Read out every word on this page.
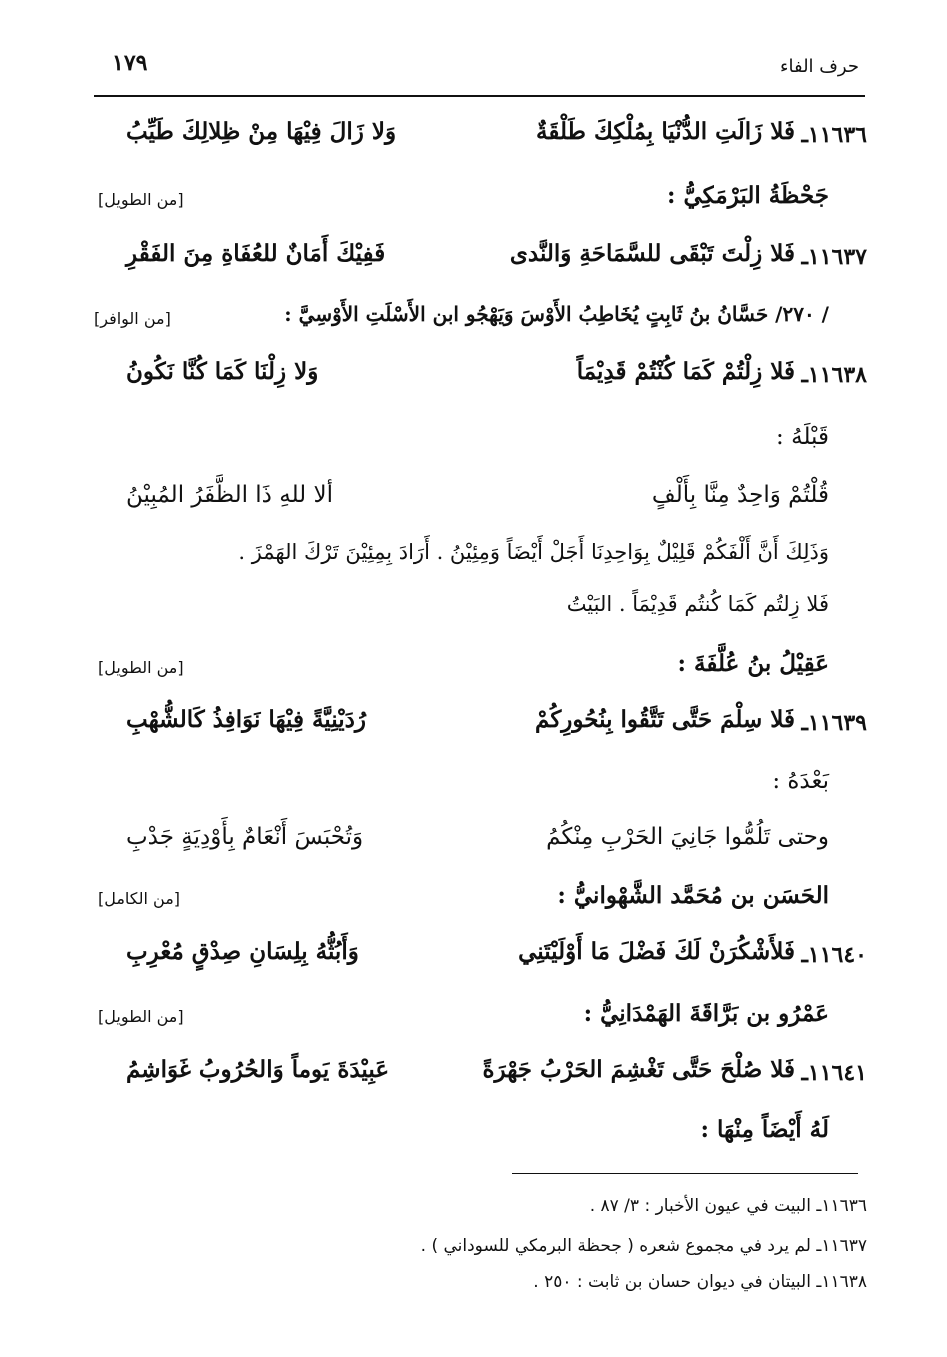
حرف الفاء
١٧٩
١١٦٣٦ـ
فَلا زَالَتِ الدُّنْيَا بِمُلْكِكَ طَلْقَةٌ
وَلا زَالَ فِيْهَا مِنْ ظِلالِكَ طَيِّبُ
جَحْظَةُ البَرْمَكِيُّ :
[من الطويل]
١١٦٣٧ـ
فَلا زِلْتَ تَبْقَى للسَّمَاحَةِ وَالنَّدى
فَفِيْكَ أَمَانٌ للعُفَاةِ مِنَ الفَقْرِ
/ ٢٧٠/ حَسَّانُ بنُ ثَابِتٍ يُخَاطِبُ الأَوْسَ وَيَهْجُو ابن الأَسْلَتِ الأَوْسِيَّ :
[من الوافر]
١١٦٣٨ـ
فَلا زِلْتُمْ كَمَا كُنْتُمْ قَدِيْمَاً
وَلا زِلْنَا كَمَا كُنَّا نَكُونُ
قَبْلَهُ :
قُلْتُمْ وَاحِدٌ مِنَّا بِأَلْفٍ
ألا للهِ ذَا الظَّفَرُ المُبِيْنُ
وَذَلِكَ أَنَّ أَلْفَكُمْ قَلِيْلٌ بِوَاحِدِنَا أَجَلْ أَيْضَاً وَمِئِيْنُ . أَرَادَ بِمِئِيْنَ تَرْكَ الهَمْزَ .
فَلا زِلتُم كَمَا كُنتُم قَدِيْمَاً . البَيْتُ
عَقِيْلُ بنُ عُلَّفَةَ :
[من الطويل]
١١٦٣٩ـ
فَلا سِلْمَ حَتَّى تَتَّقُوا بِنُحُورِكُمْ
رُدَيْنِيَّةً فِيْهَا نَوَافِذُ كَالشُّهْبِ
بَعْدَهُ :
وحتى تَلُمُّوا جَانِيَ الحَرْبِ مِنْكُمُ
وَتُحْبَسَ أَنْعَامٌ بِأَوْدِيَةٍ جَدْبِ
الحَسَن بن مُحَمَّد الشَّهْوانيُّ :
[من الكامل]
١١٦٤٠ـ
فَلأَشْكُرَنْ لَكَ فَضْلَ مَا أَوْلَيْتَنِي
وَأَبُثُّهُ بِلِسَانِ صِدْقٍ مُعْرِبِ
عَمْرُو بن بَرَّاقَةَ الهَمْدَانِيُّ :
[من الطويل]
١١٦٤١ـ
فَلا صُلْحَ حَتَّى تَغْشِمَ الحَرْبُ جَهْرَةً
عَبِيْدَةَ يَوماً وَالحُرُوبُ غَوَاشِمُ
لَهُ أَيْضَاً مِنْهَا :
١١٦٣٦ـ البيت في عيون الأخبار : ٣/ ٨٧ .
١١٦٣٧ـ لم يرد في مجموع شعره ( جحظة البرمكي للسوداني ) .
١١٦٣٨ـ البيتان في ديوان حسان بن ثابت : ٢٥٠ .
